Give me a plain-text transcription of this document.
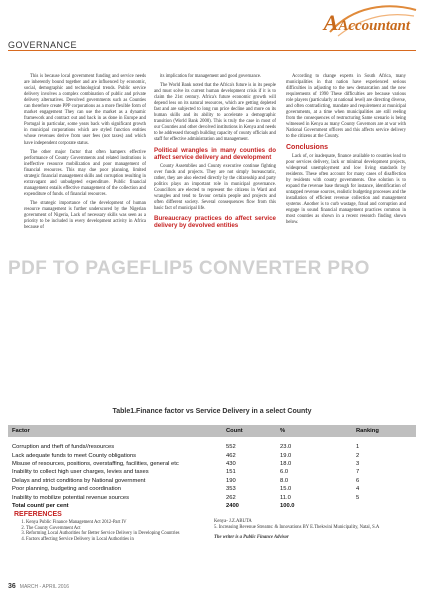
AAccountant
GOVERNANCE

This is because local government funding and service needs are inherently bound together and are influenced by economic, social, demographic and technological trends. Public service delivery involves a complex combination of public and private delivery alternatives. Devolved governments such as Counties can therefore create PPP corporations as a more flexible form of market engagement They can use the market as a dynamic framework and contract out and back in as done in Europe and Portugal in particular, some years back with significant growth in municipal corporations which are styled function entities whose revenues derive from user fees (not taxes) and which have independent corporate status.

The other major factor that often hampers effective performance of County Governments and related institutions is ineffective resource mobilization and poor management of financial resources. This may due poor planning, limited strategic financial management skills and corruption resulting in extravagant and unbudgeted expenditure. Public financial management entails effective management of the collection and expenditure of funds. of financial resources.

The strategic importance of the development of human resource management is further underscored by the Nigerian government of Nigeria, Lack of necessary skills was seen as a priority to be included in every development activity in Africa because of

its implication for management and good governance.

The World Bank noted that the Africa's future is in its people and must solve its current human development crisis if it is to claim the 21st century. Africa's future economic growth will depend less on its natural resources, which are getting depleted fast and are subjected to long run price decline and more on its human skills and its ability to accelerate a demographic transition (World Bank 2000). This is truly the case in most of our Counties and other devolved institutions in Kenya and needs to be addressed through building capacity of county officials and staff for effective administration and management.

Political wrangles in many counties do affect service delivery and development

County Assemblies and County executive continue fighting over funds and projects. They are not simply bureaucratic, rather, they are also elected directly by the citizenship and party politics plays an important role in municipal governance. Councillors are elected to represent the citizens in Ward and wrangles and tend to favour certain people and projects and often different society. Several consequences flow from this basic fact of municipal life.

Bureaucracy practices do affect service delivery by devolved entities

According to change experts in South Africa, many municipalities in that nation have experienced serious difficulties in adjusting to the new demarcation and the new requirements of 1990 These difficulties are because various role players (particularly at national level) are directing diverse, and often contradicting, mandate and requirement at municipal governments, at a time when municipalities are still reeling from the consequences of restructuring Same scenario is being witnessed in Kenya as many County Governors are at war with National Government officers and this affects service delivery to the citizens at the County.

Conclusions

Lack of, or inadequate, finance available to counties lead to poor services delivery, lack or minimal development projects, widespread unemployment and low living standards by residents. These often account for many cases of disaffection by residents with county governments. One solution is to expand the revenue base through for instance, identification of untapped revenue sources, realistic budgeting processes and the installation of efficient revenue collection and management systems .Another is to curb wastage, fraud and corruption and engage in sound financial management practices common in most counties as shown in a recent research finding shown below.

PDF TO PAGEFLIP5 CONVERTER PRO
Table1.Finance factor vs Service Delivery in a select County
Factor	Count	%	Ranking

Corruption and theft of funds//resources	552	23.0	1
Lack adequate funds to meet County obligations	462	19.0	2
Misuse of resources, positions, overstaffing, facilities, general etc	430	18.0	3
Inability to collect high user charges, levies and taxes	151	6.0	7
Delays and strict conditions by National government	190	8.0	6
Poor planning, budgeting and coordination	353	15.0	4
Inability to mobilize potential revenue sources	262	11.0	5
Total count/ per cent	2400	100.0	
REFERENCES
1. Kenya Public Finance Management Act 2012-Part IV
2. The County Government Act
3. Reforming Local Authorities for Better Service Delivery in Developing Countries
4. Factors affecting Service Delivery in Local Authorities in

Kenya- J.Z.ABUTA

5. Increasing Revenue Streams: & Innovations BY E.Thekwini Municipality, Natal, S.A

The writer is a Public Finance Advisor

36 MARCH - APRIL 2016
